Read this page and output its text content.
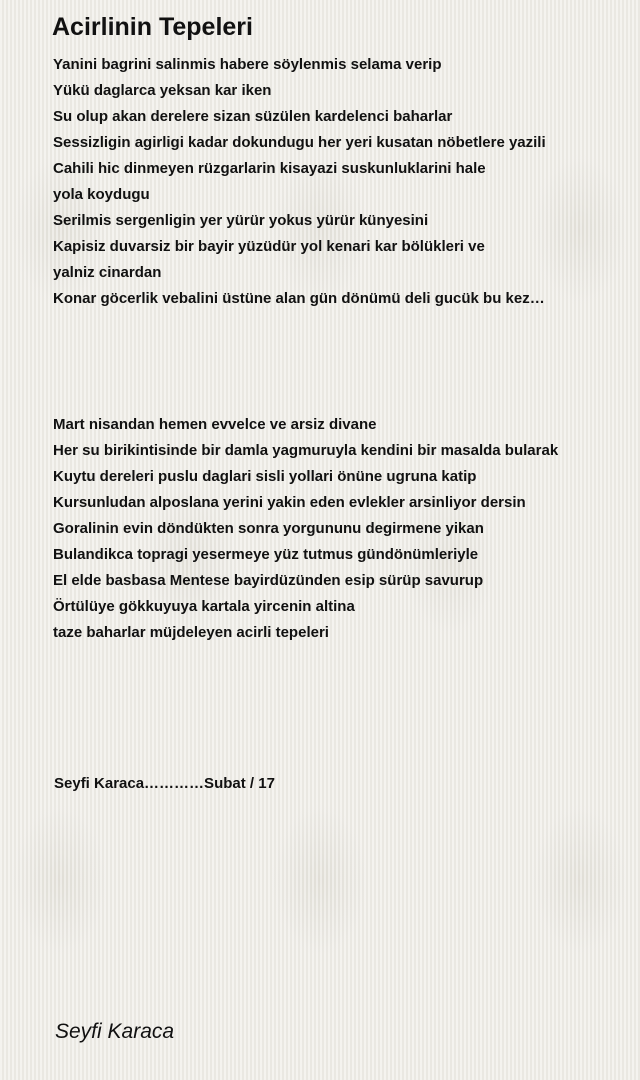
Acirlinin Tepeleri
Yanini bagrini salinmis habere söylenmis selama verip
Yükü daglarca yeksan kar iken
Su olup akan derelere sizan süzülen kardelenci baharlar
Sessizligin agirligi kadar dokundugu her yeri kusatan nöbetlere yazili
Cahili hic dinmeyen rüzgarlarin kisayazi suskunluklarini hale
yola koydugu
Serilmis sergenligin yer yürür yokus yürür künyesini
Kapisiz duvarsiz bir bayir yüzüdür yol kenari kar bölükleri ve
yalniz cinardan
Konar göcerlik vebalini üstüne alan gün dönümü deli gucük bu kez…
Mart nisandan hemen evvelce ve arsiz divane
Her su birikintisinde bir damla yagmuruyla kendini bir masalda bularak
Kuytu dereleri puslu daglari sisli yollari önüne ugruna katip
Kursunludan alposlana yerini yakin eden evlekler arsinliyor dersin
Goralinin evin döndükten sonra yorgununu degirmene yikan
Bulandikca topragi yesermeye yüz tutmus gündönümleriyle
El elde basbasa Mentese bayirdüzünden esip sürüp savurup
Örtülüye gökkuyuya kartala yircenin altina
taze baharlar müjdeleyen acirli tepeleri
Seyfi Karaca…………Subat / 17
Seyfi Karaca
